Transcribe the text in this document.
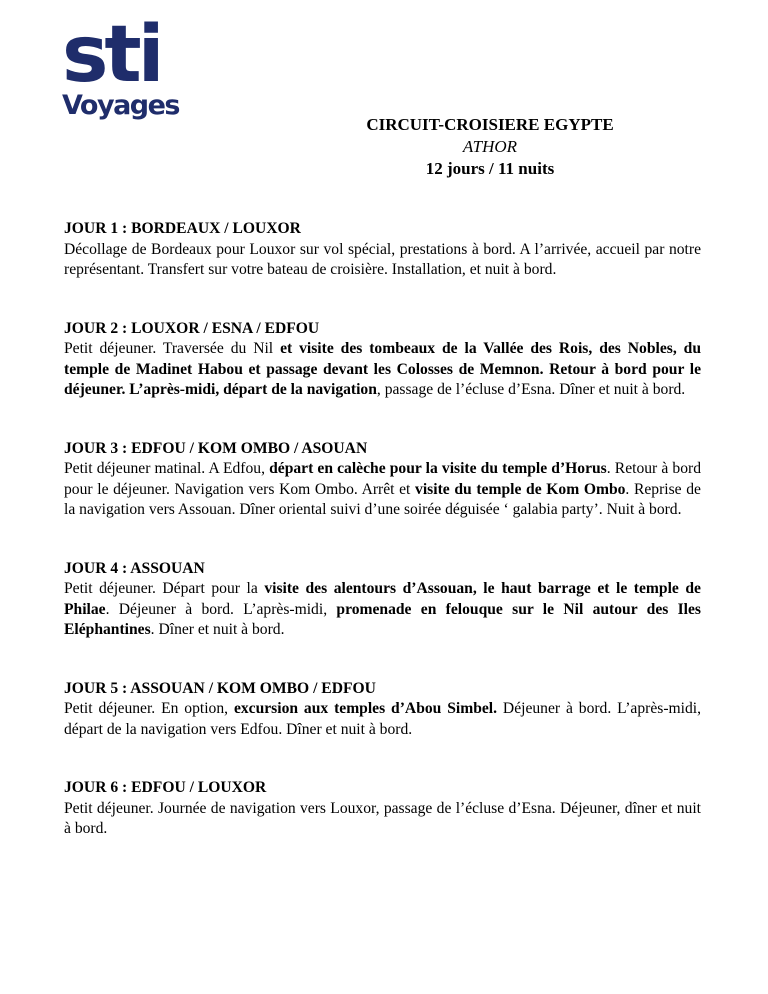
sti
Voyages
CIRCUIT-CROISIERE EGYPTE
ATHOR
12 jours / 11 nuits
JOUR 1 : BORDEAUX / LOUXOR

Décollage de Bordeaux pour Louxor sur vol spécial, prestations à bord. A l’arrivée, accueil par notre représentant. Transfert sur votre bateau de croisière. Installation, et nuit à bord.

JOUR 2 : LOUXOR / ESNA / EDFOU

Petit déjeuner. Traversée du Nil et visite des tombeaux de la Vallée des Rois, des Nobles, du temple de Madinet Habou et passage devant les Colosses de Memnon. Retour à bord pour le déjeuner. L’après-midi, départ de la navigation, passage de l’écluse d’Esna. Dîner et nuit à bord.

JOUR 3 : EDFOU / KOM OMBO / ASOUAN

Petit déjeuner matinal. A Edfou, départ en calèche pour la visite du temple d’Horus. Retour à bord pour le déjeuner. Navigation vers Kom Ombo. Arrêt et visite du temple de Kom Ombo. Reprise de la navigation vers Assouan. Dîner oriental suivi d’une soirée déguisée ‘ galabia party’. Nuit à bord.

JOUR 4 : ASSOUAN

Petit déjeuner. Départ pour la visite des alentours d’Assouan, le haut barrage et le temple de Philae. Déjeuner à bord. L’après-midi, promenade en felouque sur le Nil autour des Iles Eléphantines. Dîner et nuit à bord.

JOUR 5 : ASSOUAN / KOM OMBO / EDFOU

Petit déjeuner. En option, excursion aux temples d’Abou Simbel. Déjeuner à bord. L’après-midi, départ de la navigation vers Edfou. Dîner et nuit à bord.

JOUR 6 : EDFOU / LOUXOR

Petit déjeuner. Journée de navigation vers Louxor, passage de l’écluse d’Esna. Déjeuner, dîner et nuit à bord.
